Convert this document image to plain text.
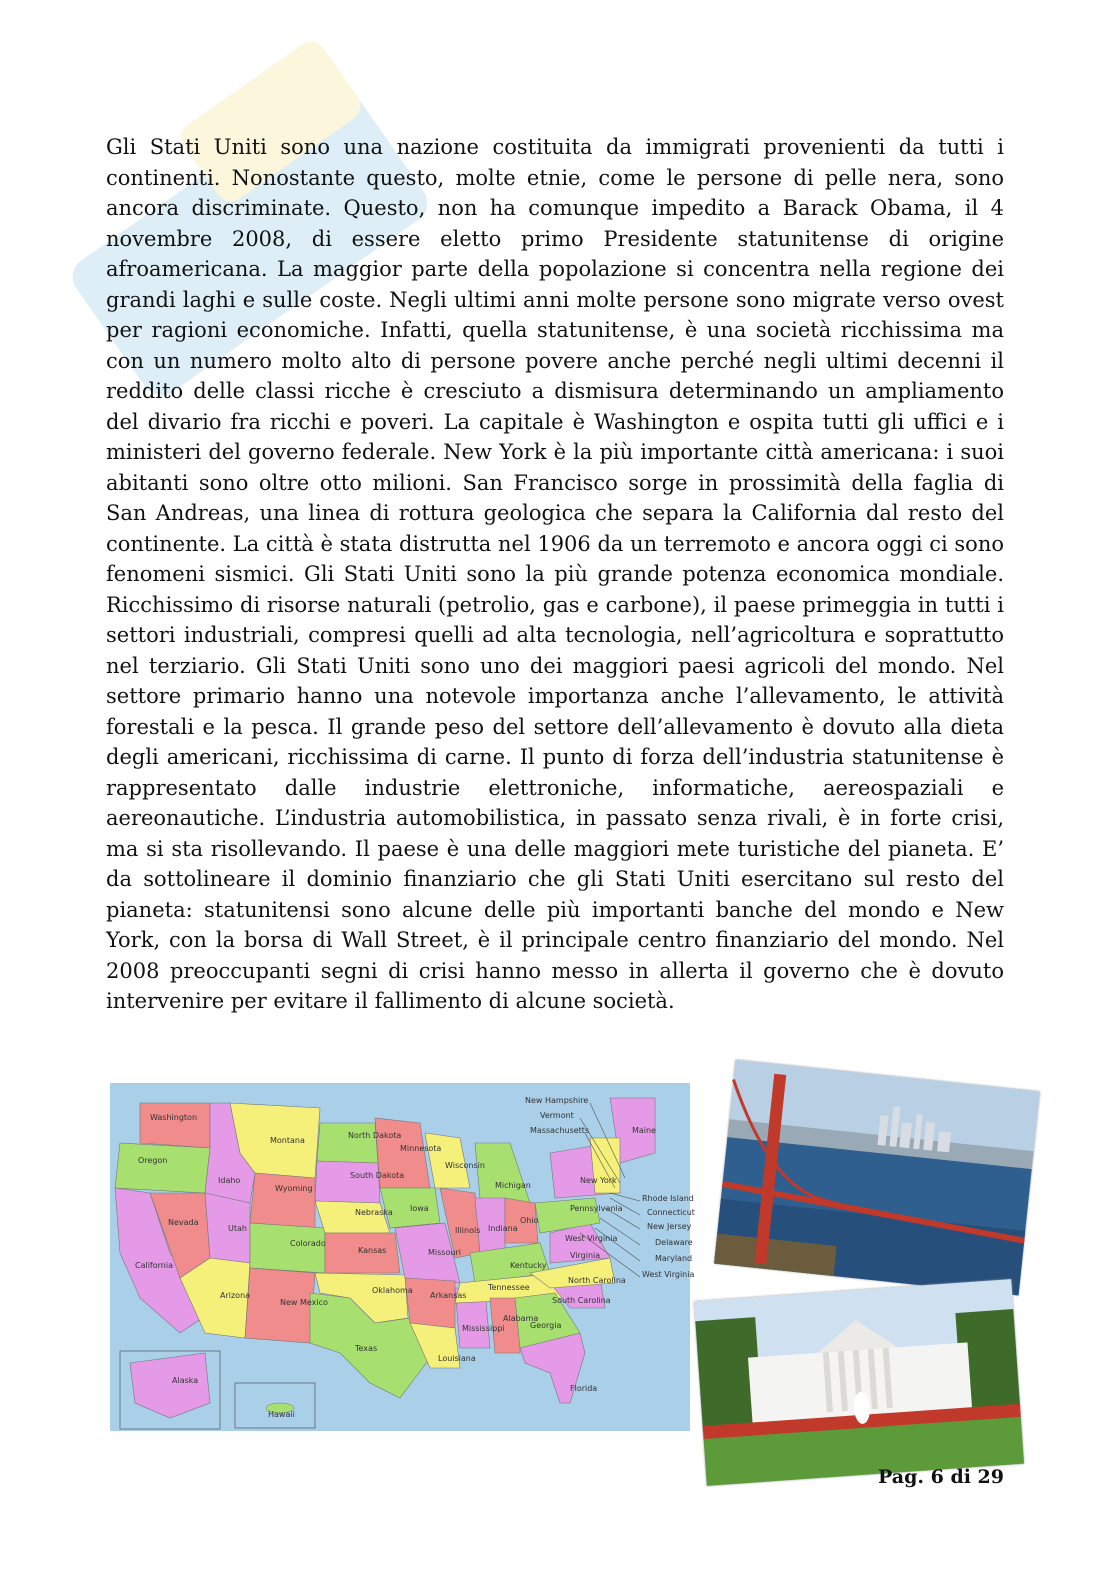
Gli Stati Uniti sono una nazione costituita da immigrati provenienti da tutti i continenti. Nonostante questo, molte etnie, come le persone di pelle nera, sono ancora discriminate. Questo, non ha comunque impedito a Barack Obama, il 4 novembre 2008, di essere eletto primo Presidente statunitense di origine afroamericana. La maggior parte della popolazione si concentra nella regione dei grandi laghi e sulle coste. Negli ultimi anni molte persone sono migrate verso ovest per ragioni economiche. Infatti, quella statunitense, è una società ricchissima ma con un numero molto alto di persone povere anche perché negli ultimi decenni il reddito delle classi ricche è cresciuto a dismisura determinando un ampliamento del divario fra ricchi e poveri. La capitale è Washington e ospita tutti gli uffici e i ministeri del governo federale. New York è la più importante città americana: i suoi abitanti sono oltre otto milioni. San Francisco sorge in prossimità della faglia di San Andreas, una linea di rottura geologica che separa la California dal resto del continente. La città è stata distrutta nel 1906 da un terremoto e ancora oggi ci sono fenomeni sismici. Gli Stati Uniti sono la più grande potenza economica mondiale. Ricchissimo di risorse naturali (petrolio, gas e carbone), il paese primeggia in tutti i settori industriali, compresi quelli ad alta tecnologia, nell’agricoltura e soprattutto nel terziario. Gli Stati Uniti sono uno dei maggiori paesi agricoli del mondo. Nel settore primario hanno una notevole importanza anche l’allevamento, le attività forestali e la pesca. Il grande peso del settore dell’allevamento è dovuto alla dieta degli americani, ricchissima di carne. Il punto di forza dell’industria statunitense è rappresentato dalle industrie elettroniche, informatiche, aereospaziali e aereonautiche. L’industria automobilistica, in passato senza rivali, è in forte crisi, ma si sta risollevando. Il paese è una delle maggiori mete turistiche del pianeta. E’ da sottolineare il dominio finanziario che gli Stati Uniti esercitano sul resto del pianeta: statunitensi sono alcune delle più importanti banche del mondo e New York, con la borsa di Wall Street, è il principale centro finanziario del mondo. Nel 2008 preoccupanti segni di crisi hanno messo in allerta il governo che è dovuto intervenire per evitare il fallimento di alcune società.

Washington
Oregon
California
Idaho
Nevada
Montana
Wyoming
Utah
Arizona
Colorado
New Mexico
North Dakota
South Dakota
Nebraska
Kansas
Oklahoma
Texas
Minnesota
Iowa
Missouri
Arkansas
Louisiana
Wisconsin
Illinois
Mississippi
Michigan
Indiana
Kentucky
Tennessee
Alabama
Ohio
Georgia
Florida
South Carolina
North Carolina
Virginia
West Virginia
Pennsylvania
New York
Maine
Alaska
Hawaii
New Hampshire
Vermont
Massachusetts
Rhode Island
Connecticut
New Jersey
Delaware
Maryland
West Virginia
Pag. 6 di 29
